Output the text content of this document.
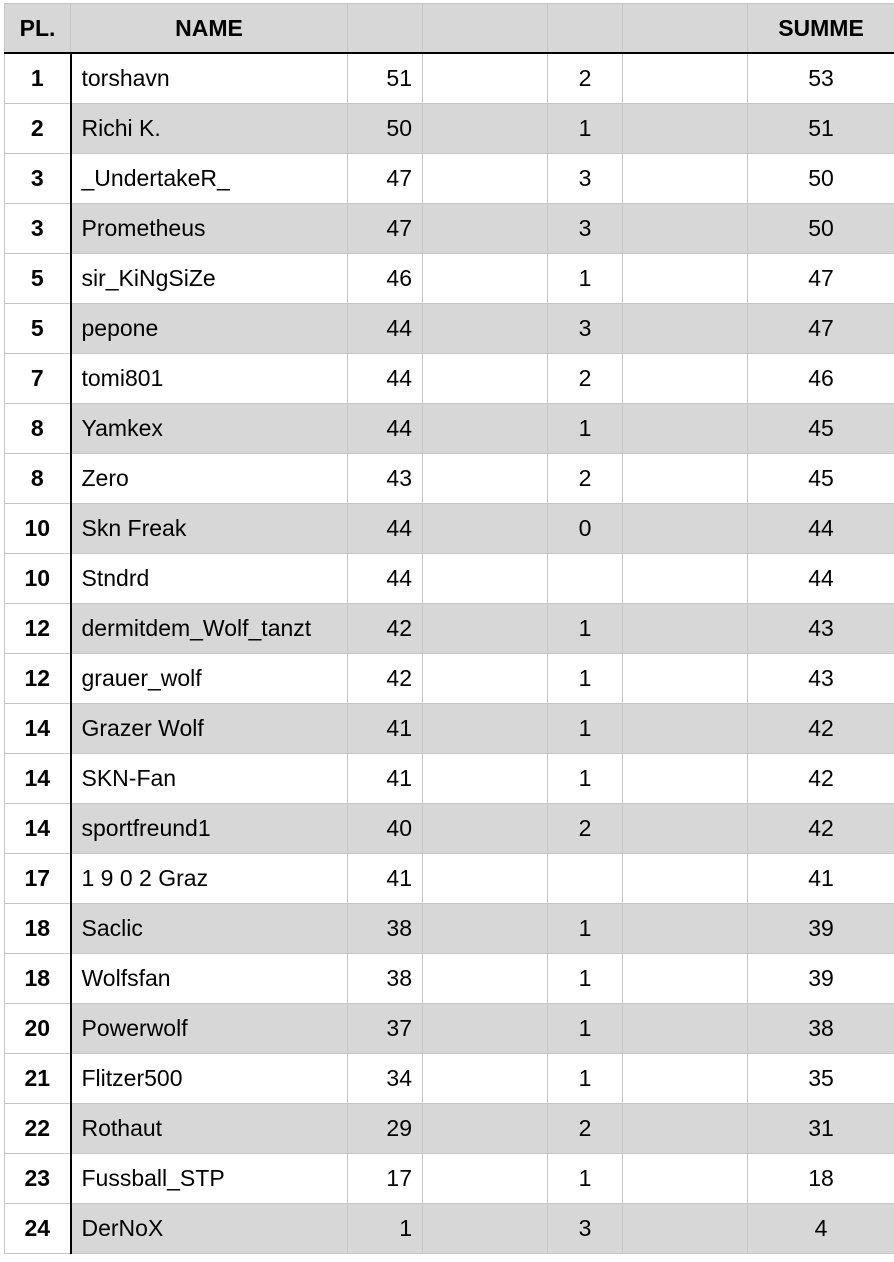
PL.	NAME					SUMME
1	torshavn	51		2		53
2	Richi K.	50		1		51
3	_UndertakeR_	47		3		50
3	Prometheus	47		3		50
5	sir_KiNgSiZe	46		1		47
5	pepone	44		3		47
7	tomi801	44		2		46
8	Yamkex	44		1		45
8	Zero	43		2		45
10	Skn Freak	44		0		44
10	Stndrd	44				44
12	dermitdem_Wolf_tanzt	42		1		43
12	grauer_wolf	42		1		43
14	Grazer Wolf	41		1		42
14	SKN-Fan	41		1		42
14	sportfreund1	40		2		42
17	1 9 0 2 Graz	41				41
18	Saclic	38		1		39
18	Wolfsfan	38		1		39
20	Powerwolf	37		1		38
21	Flitzer500	34		1		35
22	Rothaut	29		2		31
23	Fussball_STP	17		1		18
24	DerNoX	1		3		4
